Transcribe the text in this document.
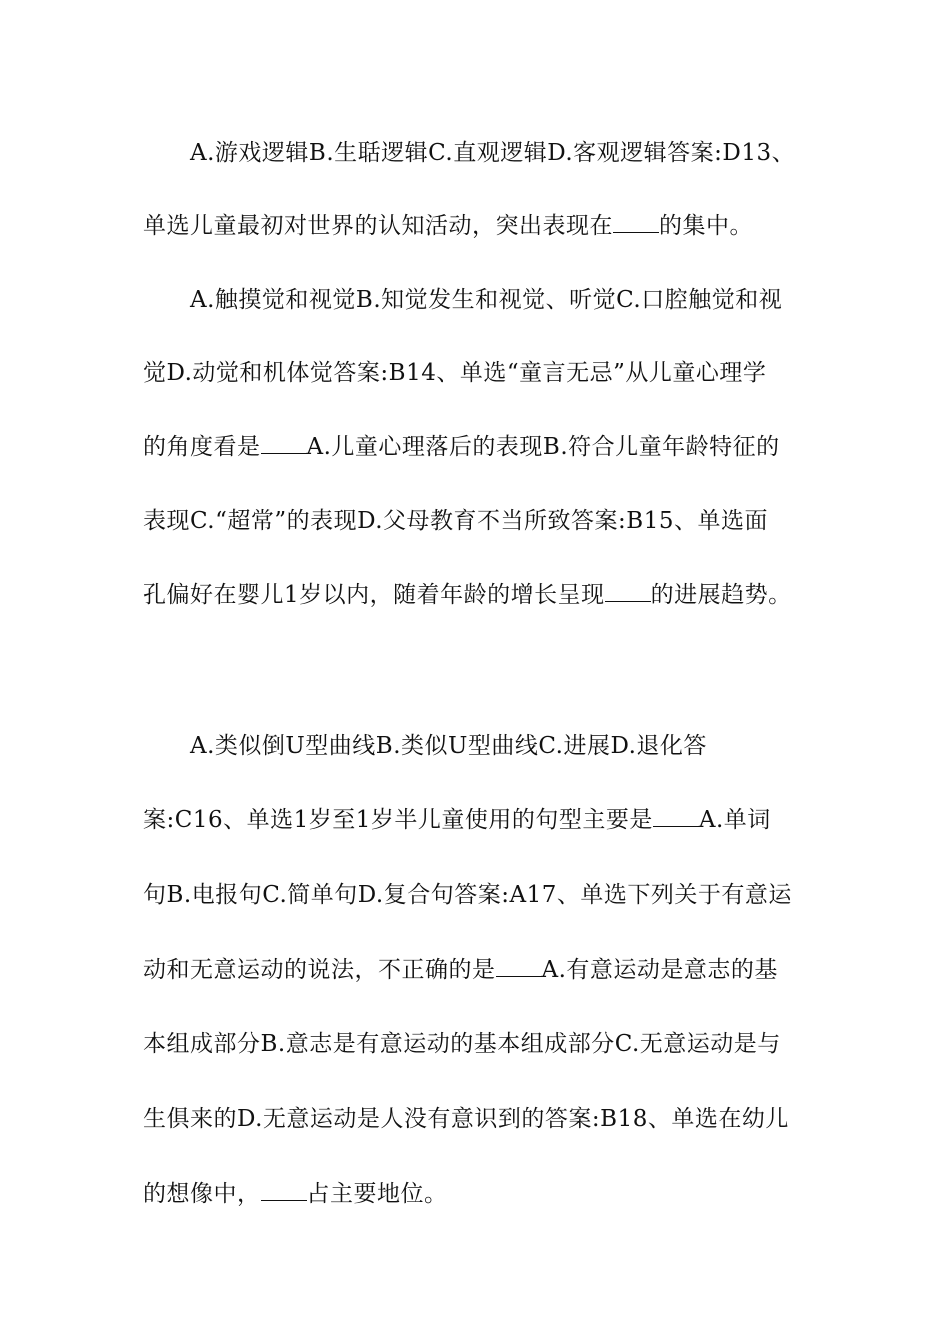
A.游戏逻辑B.生聒逻辑C.直观逻辑D.客观逻辑答案:D13、
单选儿童最初对世界的认知活动，突出表现在 的集中。
A.触摸觉和视觉B.知觉发生和视觉、听觉C.口腔触觉和视
觉D.动觉和机体觉答案:B14、单选“童言无忌”从儿童心理学
的角度看是 A.儿童心理落后的表现B.符合儿童年龄特征的
表现C.“超常”的表现D.父母教育不当所致答案:B15、单选面
孔偏好在婴儿1岁以内，随着年龄的增长呈现 的进展趋势。
A.类似倒U型曲线B.类似U型曲线C.进展D.退化答
案:C16、单选1岁至1岁半儿童使用的句型主要是 A.单词
句B.电报句C.简单句D.复合句答案:A17、单选下列关于有意运
动和无意运动的说法，不正确的是 A.有意运动是意志的基
本组成部分B.意志是有意运动的基本组成部分C.无意运动是与
生俱来的D.无意运动是人没有意识到的答案:B18、单选在幼儿
的想像中， 占主要地位。
